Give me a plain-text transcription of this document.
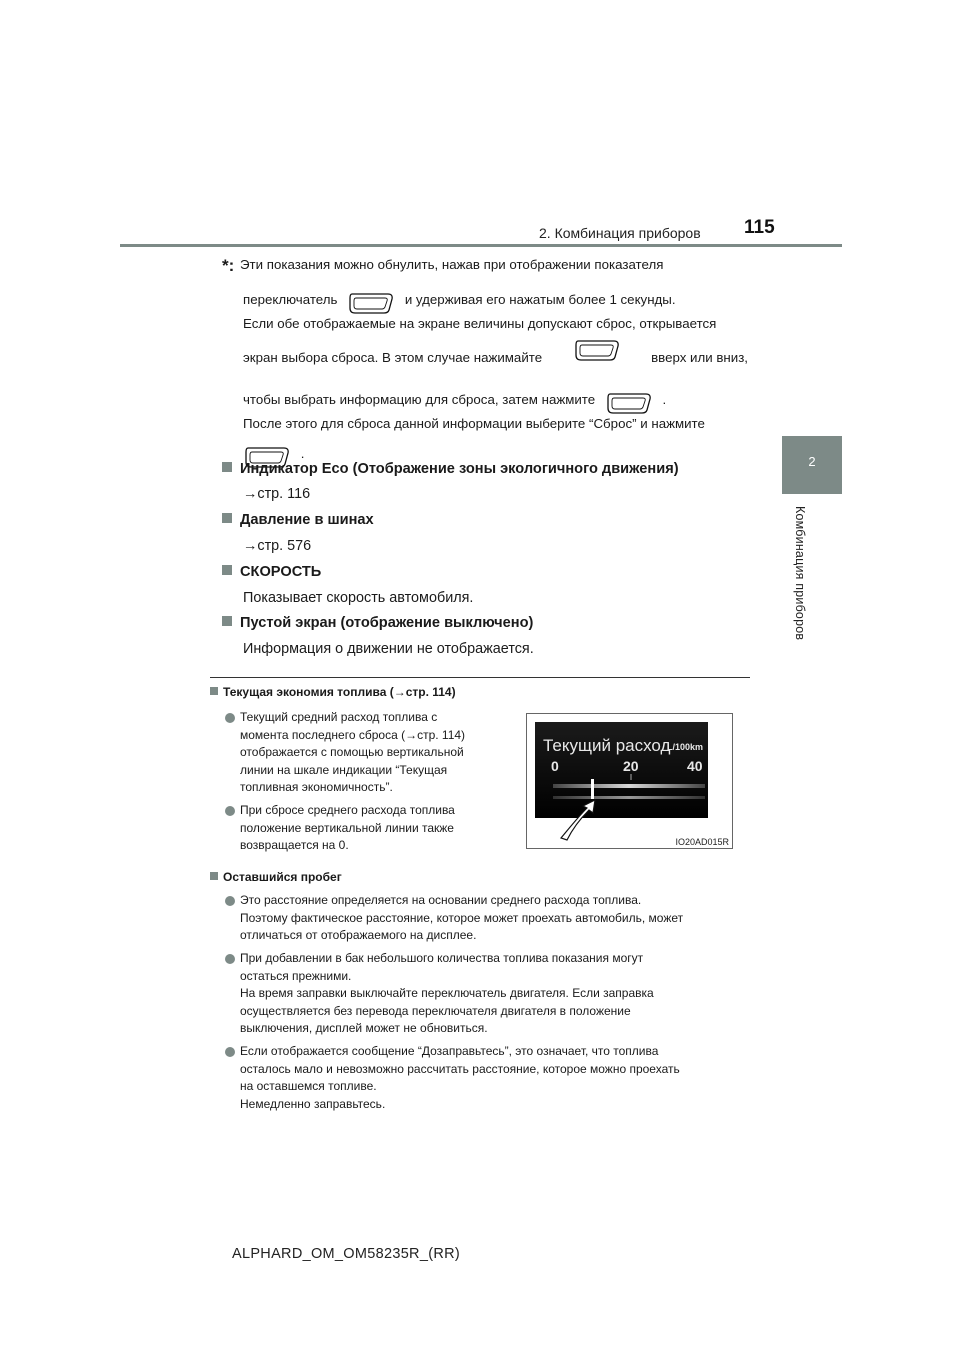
2. Комбинация приборов 115
2
Комбинация приборов
*: Эти показания можно обнулить, нажав при отображении показателя
переключатель	и удерживая его нажатым более 1 секунды.
Если обе отображаемые на экране величины допускают сброс, открывается
экран выбора сброса. В этом случае нажимайте	вверх или вниз,
чтобы выбрать информацию для сброса, затем нажмите	.
После этого для сброса данной информации выберите “Сброс” и нажмите
.
Индикатор Eco (Отображение зоны экологичного движения)
→стр. 116
Давление в шинах
→стр. 576
СКОРОСТЬ
Показывает скорость автомобиля.
Пустой экран (отображение выключено)
Информация о движении не отображается.
Текущая экономия топлива (→стр. 114)
Текущий средний расход топлива с
момента последнего сброса (→стр. 114)
отображается с помощью вертикальной
линии на шкале индикации “Текущая
топливная экономичность”.
При сбросе среднего расхода топлива
положение вертикальной линии также
возвращается на 0.
Текущий расход
L/100km
0	20	40
IO20AD015R
Оставшийся пробег
Это расстояние определяется на основании среднего расхода топлива.
Поэтому фактическое расстояние, которое может проехать автомобиль, может
отличаться от отображаемого на дисплее.
При добавлении в бак небольшого количества топлива показания могут
остаться прежними.
На время заправки выключайте переключатель двигателя. Если заправка
осуществляется без перевода переключателя двигателя в положение
выключения, дисплей может не обновиться.
Если отображается сообщение “Дозаправьтесь”, это означает, что топлива
осталось мало и невозможно рассчитать расстояние, которое можно проехать
на оставшемся топливе.
Немедленно заправьтесь.
ALPHARD_OM_OM58235R_(RR)
